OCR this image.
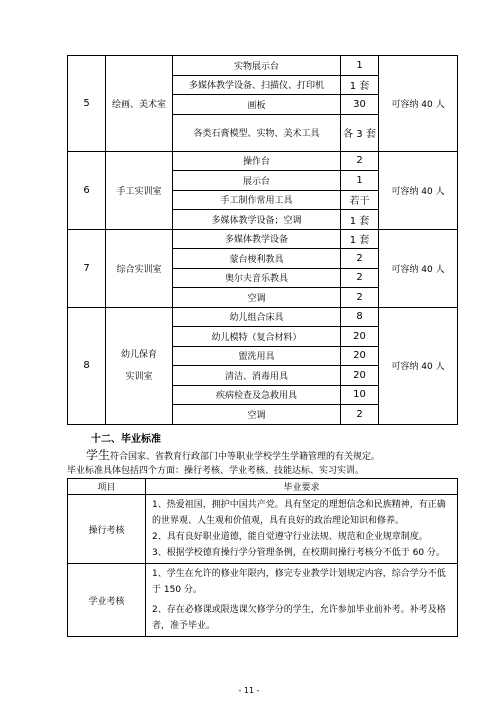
5	绘画、美术室	实物展示台	1	可容纳 40 人
		多媒体教学设备、扫描仪、打印机	1 套	
		画板	30	
		各类石膏模型、实物、美术工具	各 3 套	
6	手工实训室	操作台	2	可容纳 40 人
		展示台	1	
		手工制作常用工具	若干	
		多媒体教学设备；空调	1 套	
7	综合实训室	多媒体教学设备	1 套	可容纳 40 人
		蒙台梭利教具	2	
		奥尔夫音乐教具	2	
		空调	2	
8	幼儿保育实训室	幼儿组合床具	8	可容纳 40 人
		幼儿模特（复合材料）	20	
		盥洗用具	20	
		清洁、消毒用具	20	
		疾病检查及急救用具	10	
		空调	2	
十二、毕业标准
学生符合国家、省教育行政部门中等职业学校学生学籍管理的有关规定。
毕业标准具体包括四个方面：操行考核、学业考核、技能达标、实习实训。
项目	毕业要求
操行考核	1、热爱祖国，拥护中国共产党。具有坚定的理想信念和民族精神，有正确的世界观、人生观和价值观，具有良好的政治理论知识和修养。

2、具有良好职业道德，能自觉遵守行业法规、规范和企业规章制度。

3、根据学校德育操行学分管理条例，在校期间操行考核分不低于 60 分。

学业考核	1、学生在允许的修业年限内，修完专业教学计划规定内容，综合学分不低于 150 分。

2、存在必修课或限选课欠修学分的学生，允许参加毕业前补考。补考及格者，准予毕业。

- 11 -
